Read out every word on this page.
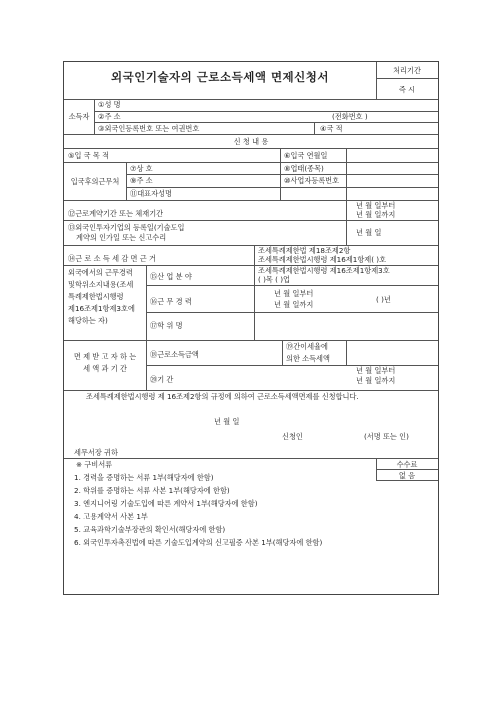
외국인기술자의 근로소득세액 면제신청서	처리기간
즉 시
소득자
①성 명
②주 소	(전화번호 )
③외국인등록번호 또는 여권번호	④국 적
신 청 내 용
⑤입 국 목 적	⑥입국 연월일
입국후의근무처
⑦상 호	⑧업태(종목)
⑨주 소	⑩사업자등록번호
⑪대표자성명
⑫근로계약기간 또는 체재기간
년 월 일부터
년 월 일까지
⑬외국인투자기업의 등록일(기술도입
계약의 인가일 또는 신고수리
년 월 일
⑭근 로 소 득 세 감 면 근 거
조세특례제한법 제18조제2항
조세특례제한법시행령 제16제1항제( )호
외국에서의 근무경력
및학위소지내용(조세
특례제한법시행령
제16조제1항제3호에
해당하는 자)
⑮산 업 분 야
조세특례제한법시행령 제16조제1항제3호
( )목 ( )업
⑯근 무 경 력
년 월 일부터
년 월 일까지
( )년
⑰학 위 명
면 제 받 고 자 하 는
세 액 과 기 간
⑱근로소득금액
⑲간이세율에
의한 소득세액
⑳기 간
년 월 일부터
년 월 일까지
조세특례제한법시행령 제 16조제2항의 규정에 의하여 근로소득세액면제를 신청합니다.
년 월 일
신청인	(서명 또는 인)
세무서장 귀하
※ 구비서류
1. 경력을 증명하는 서류 1부(해당자에 한함)
2. 학위를 증명하는 서류 사본 1부(해당자에 한함)
3. 엔지니어링 기술도입에 따른 계약서 1부(해당자에 한함)
4. 고용계약서 사본 1부
5. 교육과학기술부장관의 확인서(해당자에 한함)
6. 외국인투자촉진법에 따른 기술도입계약의 신고필증 사본 1부(해당자에 한함)
수수료
없 음
